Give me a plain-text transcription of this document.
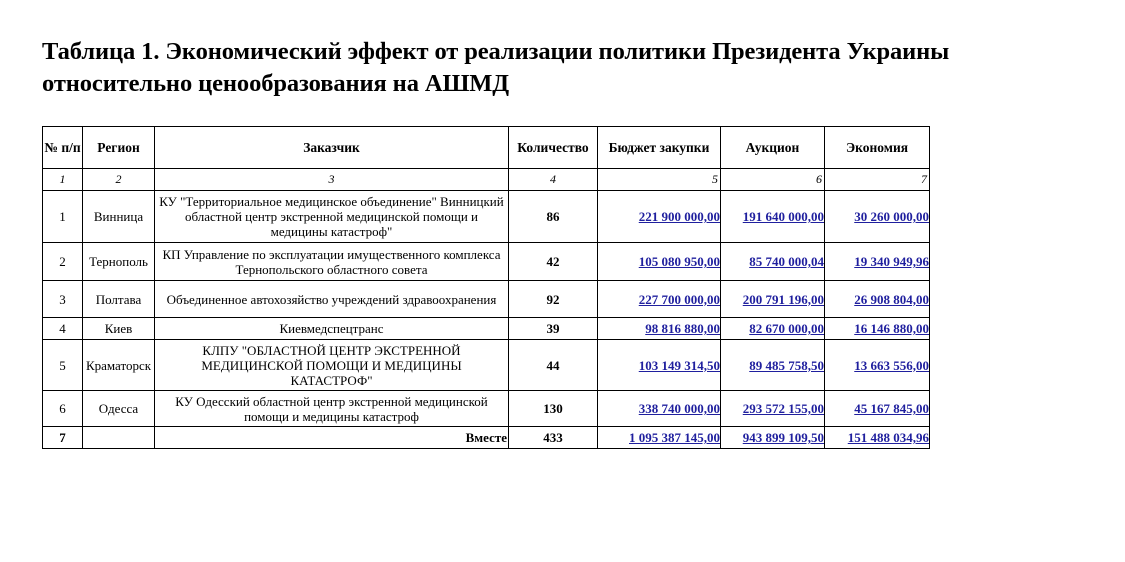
Таблица 1. Экономический эффект от реализации политики Президента Украины
относительно ценообразования на АШМД
№ п/п	Регион	Заказчик	Количество	Бюджет закупки	Аукцион	Экономия
1	2	3	4	5	6	7
1	Винница	КУ "Территориальное медицинское объединение" Винницкий областной центр экстренной медицинской помощи и медицины катастроф"	86	221 900 000,00	191 640 000,00	30 260 000,00
2	Тернополь	КП Управление по эксплуатации имущественного комплекса Тернопольского областного совета	42	105 080 950,00	85 740 000,04	19 340 949,96
3	Полтава	Объединенное автохозяйство учреждений здравоохранения	92	227 700 000,00	200 791 196,00	26 908 804,00
4	Киев	Киевмедспецтранс	39	98 816 880,00	82 670 000,00	16 146 880,00
5	Краматорск	КЛПУ "ОБЛАСТНОЙ ЦЕНТР ЭКСТРЕННОЙ МЕДИЦИНСКОЙ ПОМОЩИ И МЕДИЦИНЫ КАТАСТРОФ"	44	103 149 314,50	89 485 758,50	13 663 556,00
6	Одесса	КУ Одесский областной центр экстренной медицинской помощи и медицины катастроф	130	338 740 000,00	293 572 155,00	45 167 845,00
7		Вместе	433	1 095 387 145,00	943 899 109,50	151 488 034,96
